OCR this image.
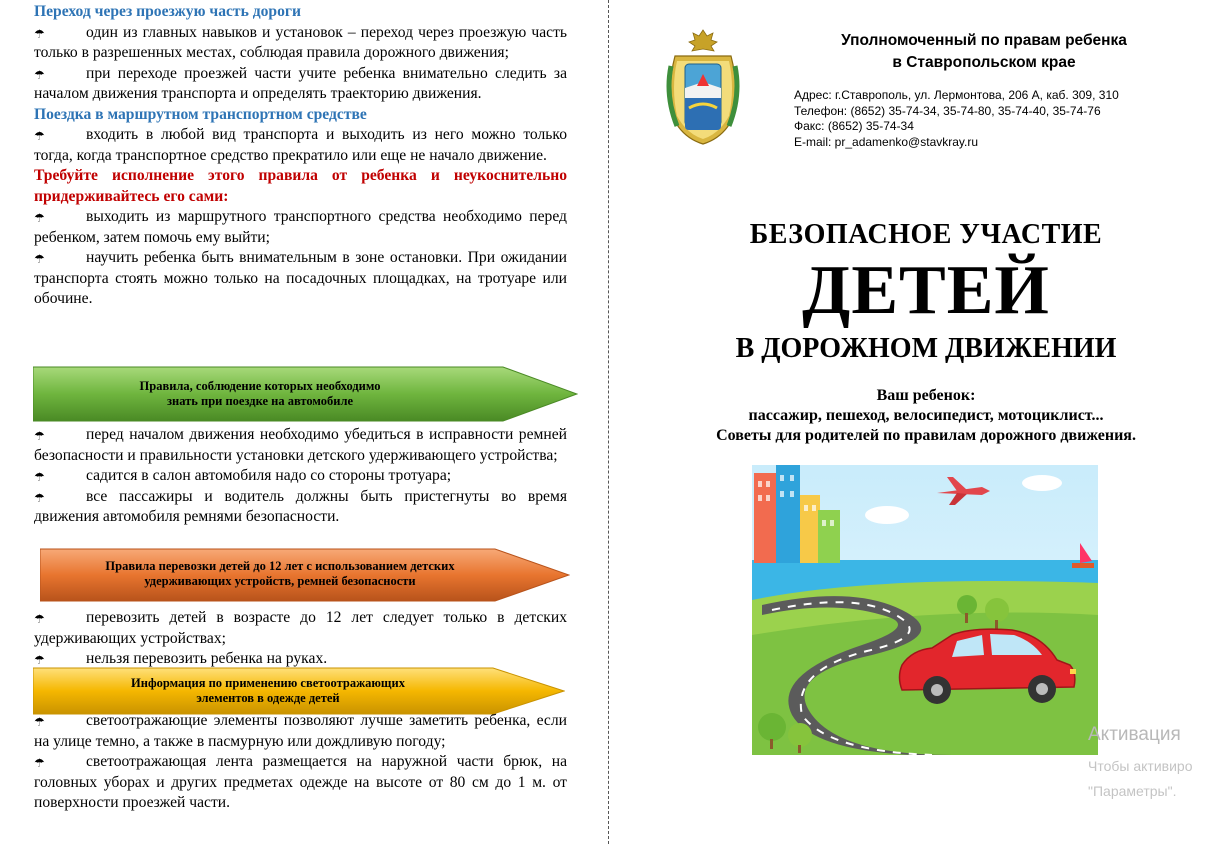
Переход через проезжую часть дороги

☂	один из главных навыков и установок – переход через проезжую часть только в разрешенных местах, соблюдая правила дорожного движения;

☂	при переходе проезжей части учите ребенка внимательно следить за началом движения транспорта и определять траекторию движения.

Поездка в маршрутном транспортном средстве

☂	входить в любой вид транспорта и выходить из него можно только тогда, когда транспортное средство прекратило или еще не начало движение.

Требуйте исполнение этого правила от ребенка и неукоснительно придерживайтесь его сами:

☂	выходить из маршрутного транспортного средства необходимо перед ребенком, затем помочь ему выйти;

☂	научить ребенка быть внимательным в зоне остановки. При ожидании транспорта стоять можно только на посадочных площадках, на тротуаре или обочине.

Правила, соблюдение которых необходимо
знать при поездке на автомобиле

☂	перед началом движения необходимо убедиться в исправности ремней безопасности и правильности установки детского удерживающего устройства;

☂	садится в салон автомобиля надо со стороны тротуара;

☂	все пассажиры и водитель должны быть пристегнуты во время движения автомобиля ремнями безопасности.

Правила перевозки детей до 12 лет с использованием детских
удерживающих устройств, ремней безопасности

☂	перевозить детей в возрасте до 12 лет следует только в детских удерживающих устройствах;

☂	нельзя перевозить ребенка на руках.

Информация по применению светоотражающих
элементов в одежде детей

☂	светоотражающие элементы позволяют лучше заметить ребенка, если на улице темно, а также в пасмурную или дождливую погоду;

☂	светоотражающая лента размещается на наружной части брюк, на головных уборах и других предметах одежде на высоте от 80 см до 1 м. от поверхности проезжей части.

Уполномоченный по правам ребенка
в Ставропольском крае
Адрес: г.Ставрополь, ул. Лермонтова, 206 А, каб. 309, 310
Телефон: (8652) 35-74-34, 35-74-80, 35-74-40, 35-74-76
Факс: (8652) 35-74-34
E-mail: pr_adamenko@stavkray.ru
БЕЗОПАСНОЕ УЧАСТИЕ
ДЕТЕЙ
В ДОРОЖНОМ ДВИЖЕНИИ
Ваш ребенок:
пассажир, пешеход, велосипедист, мотоциклист...
Советы для родителей по правилам дорожного движения.
Активация
Чтобы активиро
"Параметры".
